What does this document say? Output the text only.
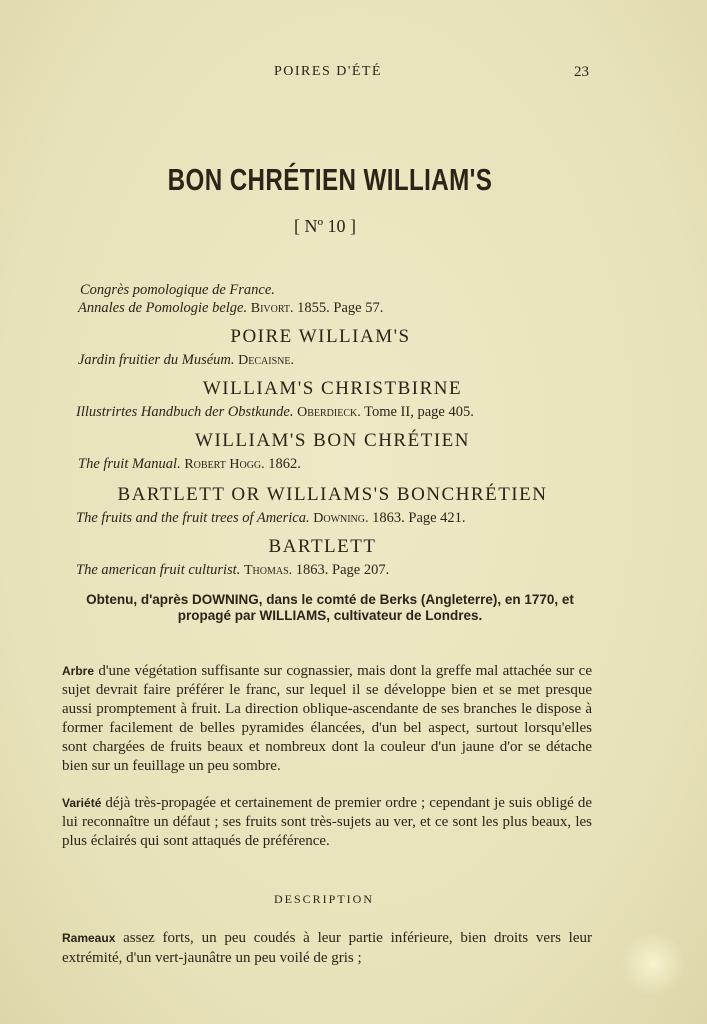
POIRES D'ÉTÉ	23
BON CHRÉTIEN WILLIAM'S
[ Nº 10 ]
Congrès pomologique de France.
Annales de Pomologie belge. Bivort. 1855. Page 57.
POIRE WILLIAM'S
Jardin fruitier du Muséum. Decaisne.
WILLIAM'S CHRISTBIRNE
Illustrirtes Handbuch der Obstkunde. Oberdieck. Tome II, page 405.
WILLIAM'S BON CHRÉTIEN
The fruit Manual. Robert Hogg. 1862.
BARTLETT OR WILLIAMS'S BONCHRÉTIEN
The fruits and the fruit trees of America. Downing. 1863. Page 421.
BARTLETT
The american fruit culturist. Thomas. 1863. Page 207.
Obtenu, d'après DOWNING, dans le comté de Berks (Angleterre), en 1770, et propagé par WILLIAMS, cultivateur de Londres.
Arbre d'une végétation suffisante sur cognassier, mais dont la greffe mal attachée sur ce sujet devrait faire préférer le franc, sur lequel il se développe bien et se met presque aussi promptement à fruit. La direction oblique-ascendante de ses branches le dispose à former facilement de belles pyramides élancées, d'un bel aspect, surtout lorsqu'elles sont chargées de fruits beaux et nombreux dont la couleur d'un jaune d'or se détache bien sur un feuillage un peu sombre.
Variété déjà très-propagée et certainement de premier ordre ; cependant je suis obligé de lui reconnaître un défaut ; ses fruits sont très-sujets au ver, et ce sont les plus beaux, les plus éclairés qui sont attaqués de préférence.
DESCRIPTION
Rameaux assez forts, un peu coudés à leur partie inférieure, bien droits vers leur extrémité, d'un vert-jaunâtre un peu voilé de gris ;
